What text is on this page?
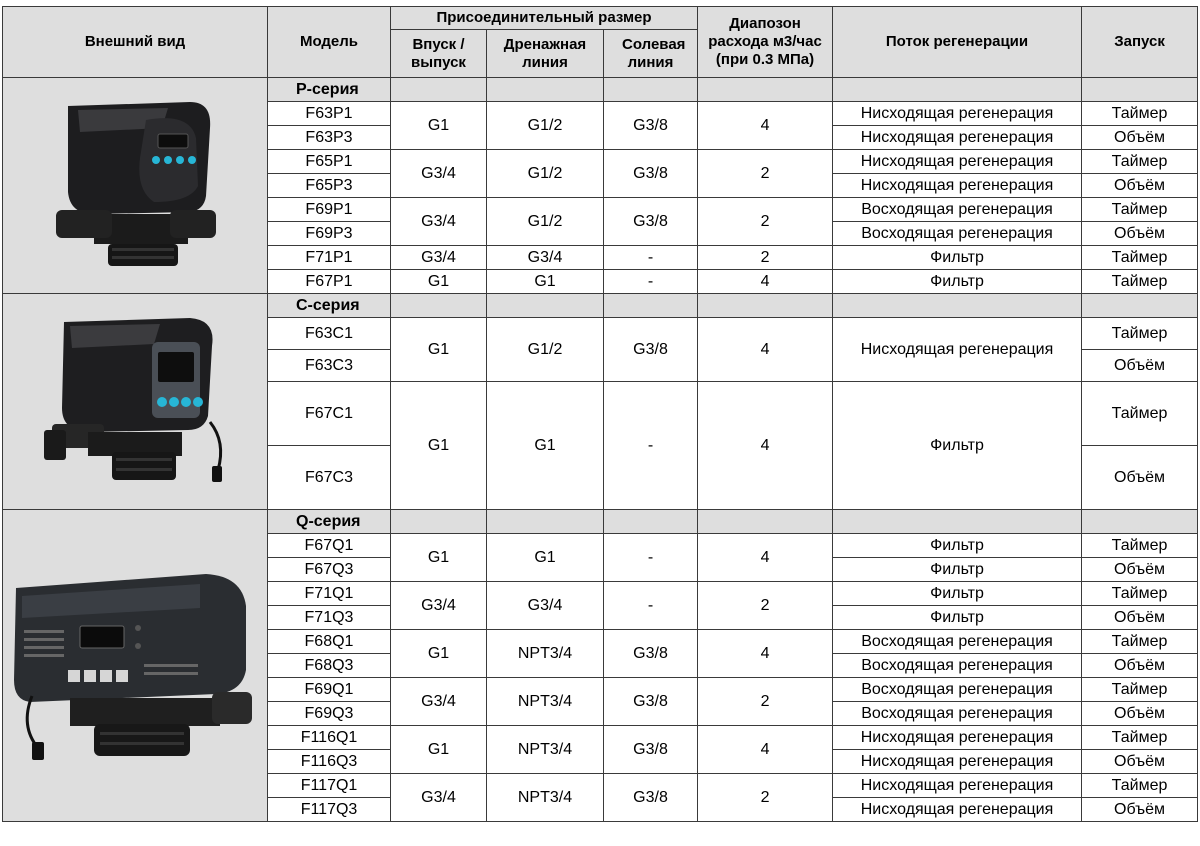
Внешний вид	Модель	Присоединительный размер			Диапозон расхода м3/час (при 0.3 МПа)	Поток регенерации	Запуск
		Впуск /выпуск	Дренажная линия	Солевая линия			

	P-серия						
	F63P1	G1	G1/2	G3/8	4	Нисходящая регенерация	Таймер
	F63P3					Нисходящая регенерация	Объём
	F65P1	G3/4	G1/2	G3/8	2	Нисходящая регенерация	Таймер
	F65P3					Нисходящая регенерация	Объём
	F69P1	G3/4	G1/2	G3/8	2	Восходящая регенерация	Таймер
	F69P3					Восходящая регенерация	Объём
	F71P1	G3/4	G3/4	-	2	Фильтр	Таймер
	F67P1	G1	G1	-	4	Фильтр	Таймер

	С-серия						
	F63C1	G1	G1/2	G3/8	4	Нисходящая регенерация	Таймер
	F63C3						Объём
	F67C1	G1	G1	-	4	Фильтр	Таймер
	F67C3						Объём

	Q-серия						
	F67Q1	G1	G1	-	4	Фильтр	Таймер
	F67Q3					Фильтр	Объём
	F71Q1	G3/4	G3/4	-	2	Фильтр	Таймер
	F71Q3					Фильтр	Объём
	F68Q1	G1	NPT3/4	G3/8	4	Восходящая регенерация	Таймер
	F68Q3					Восходящая регенерация	Объём
	F69Q1	G3/4	NPT3/4	G3/8	2	Восходящая регенерация	Таймер
	F69Q3					Восходящая регенерация	Объём
	F116Q1	G1	NPT3/4	G3/8	4	Нисходящая регенерация	Таймер
	F116Q3					Нисходящая регенерация	Объём
	F117Q1	G3/4	NPT3/4	G3/8	2	Нисходящая регенерация	Таймер
	F117Q3					Нисходящая регенерация	Объём
